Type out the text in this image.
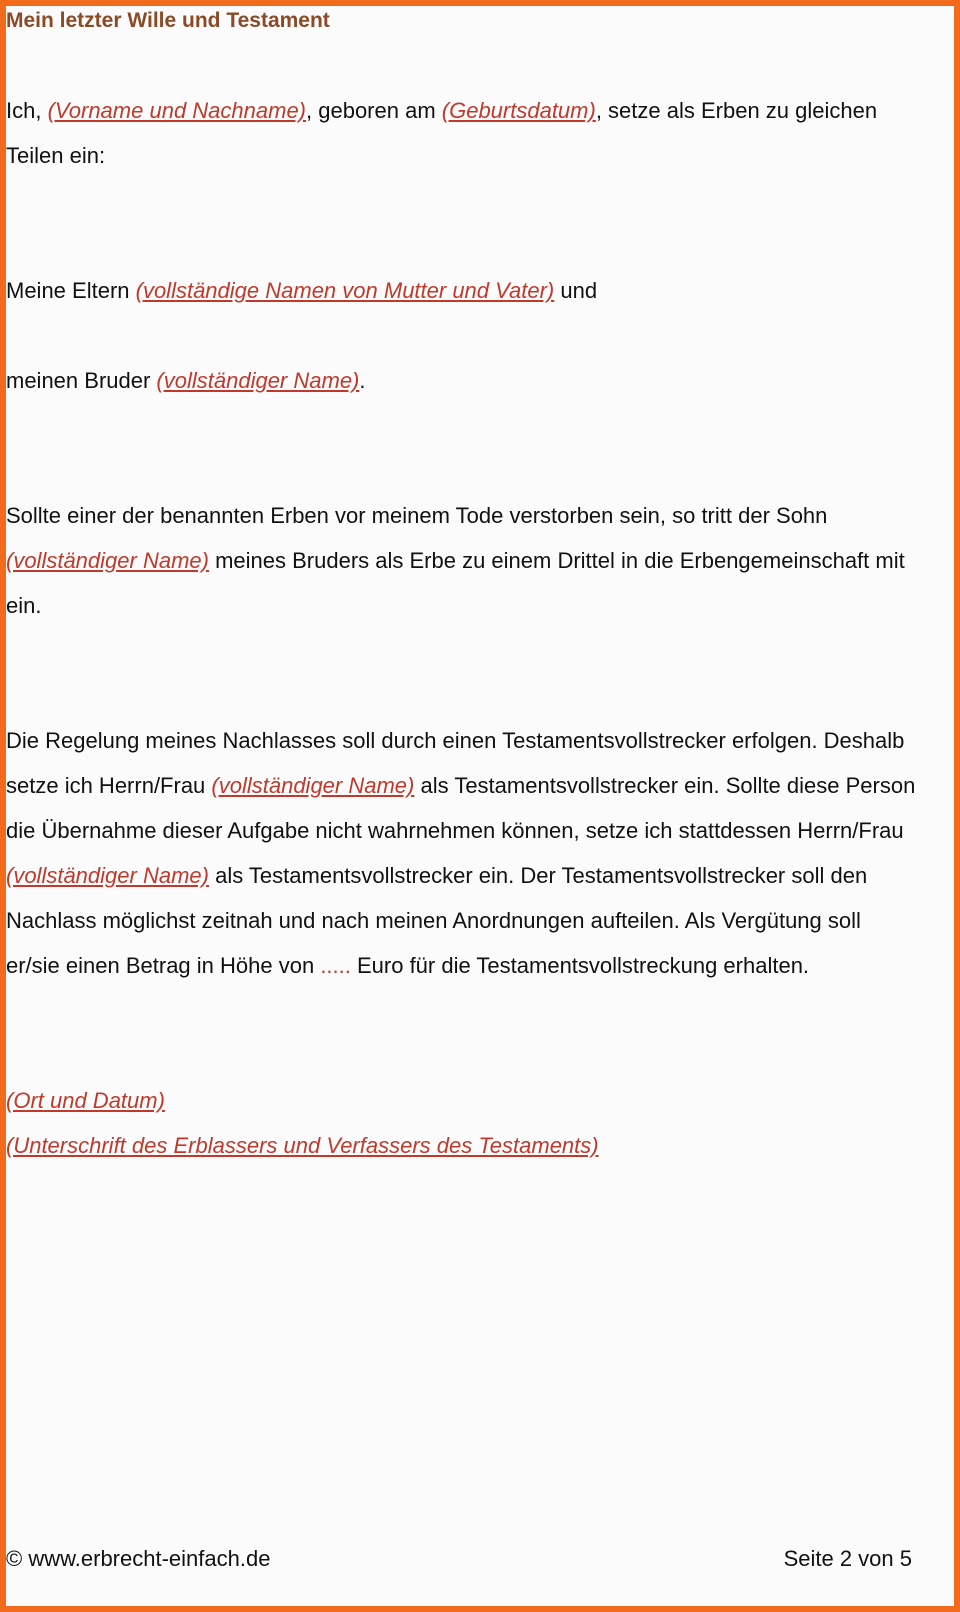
Mein letzter Wille und Testament
Ich, (Vorname und Nachname), geboren am (Geburtsdatum), setze als Erben zu gleichen
Teilen ein:
Meine Eltern (vollständige Namen von Mutter und Vater) und
meinen Bruder (vollständiger Name).
Sollte einer der benannten Erben vor meinem Tode verstorben sein, so tritt der Sohn
(vollständiger Name) meines Bruders als Erbe zu einem Drittel in die Erbengemeinschaft mit
ein.
Die Regelung meines Nachlasses soll durch einen Testamentsvollstrecker erfolgen. Deshalb
setze ich Herrn/Frau (vollständiger Name) als Testamentsvollstrecker ein. Sollte diese Person
die Übernahme dieser Aufgabe nicht wahrnehmen können, setze ich stattdessen Herrn/Frau
(vollständiger Name) als Testamentsvollstrecker ein. Der Testamentsvollstrecker soll den
Nachlass möglichst zeitnah und nach meinen Anordnungen aufteilen. Als Vergütung soll
er/sie einen Betrag in Höhe von ..... Euro für die Testamentsvollstreckung erhalten.
(Ort und Datum)
(Unterschrift des Erblassers und Verfassers des Testaments)
© www.erbrecht-einfach.de	Seite 2 von 5
